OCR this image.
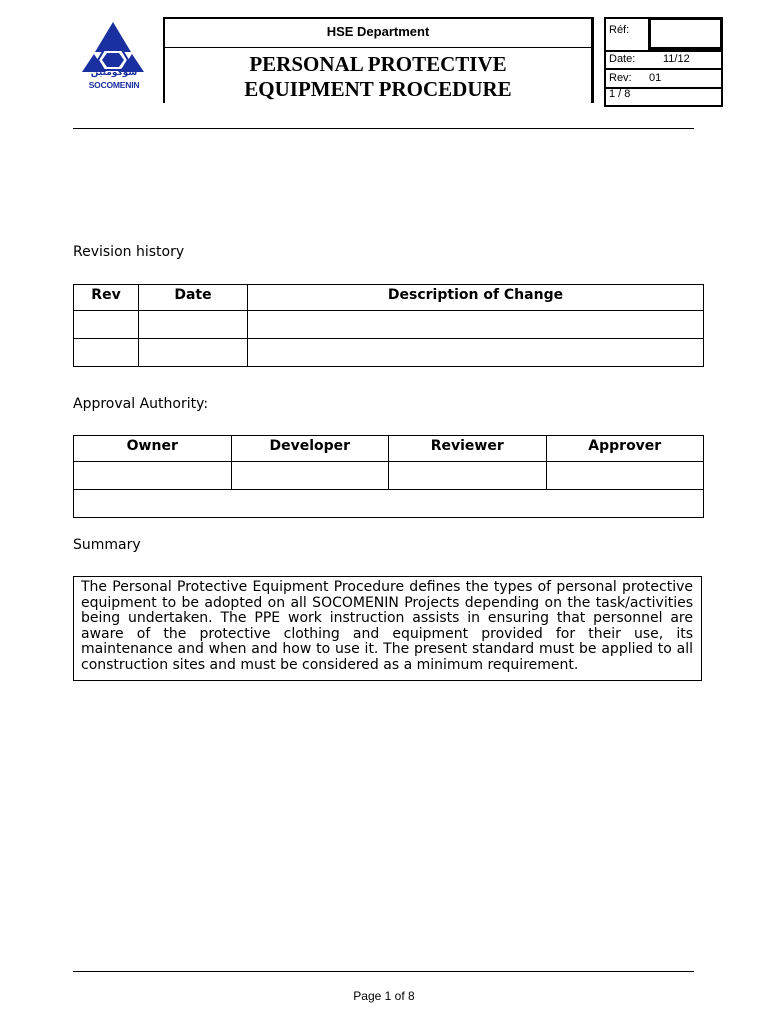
سوكومنين
SOCOMENIN
HSE Department
PERSONAL PROTECTIVE
EQUIPMENT PROCEDURE
Réf:
Date:	11/12
Rev: 01
1 / 8
Revision history
Rev	Date	Description of Change

Approval Authority:
Owner	Developer	Reviewer	Approver

Summary
The Personal Protective Equipment Procedure defines the types of personal protective equipment to be adopted on all SOCOMENIN Projects depending on the task/activities being undertaken. The PPE work instruction assists in ensuring that personnel are aware of the protective clothing and equipment provided for their use, its maintenance and when and how to use it. The present standard must be applied to all construction sites and must be considered as a minimum requirement.
Page 1 of 8
